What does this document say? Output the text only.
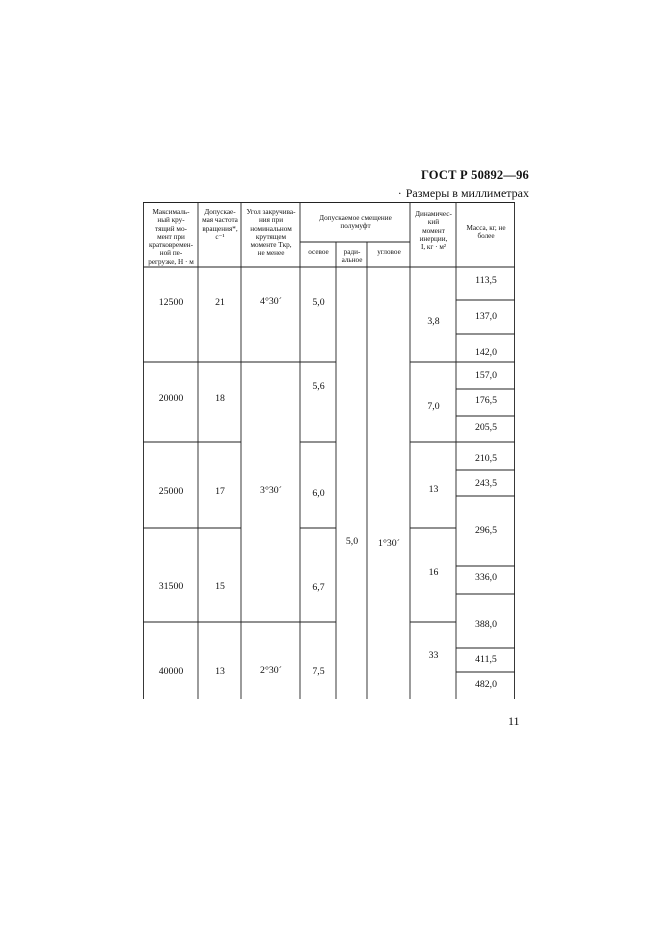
ГОСТ Р 50892—96
· Размеры в миллиметрах
Максималь-
ный кру-
тящий мо-
мент при
кратковремен-
ной пе-
регрузке, Н · м
Допускае-
мая частота
вращения*,
с⁻¹
Угол закручива-
ния при
номинальном
крутящем
моменте Tкр,
не менее
Допускаемое смещение
полумуфт
осевое	ради-
альное
угловое
Динамичес-
кий
момент
инерции,
I, кг · м²
Масса, кг, не
более
12500
20000
25000
31500
40000
21
18
17
15
13
4°30´
3°30´
2°30´
5,0
5,6
6,0
6,7
7,5
5,0	1°30´
3,8
7,0
13
16
33
113,5
137,0
142,0
157,0
176,5
205,5
210,5
243,5
296,5
336,0
388,0
411,5
482,0
11
